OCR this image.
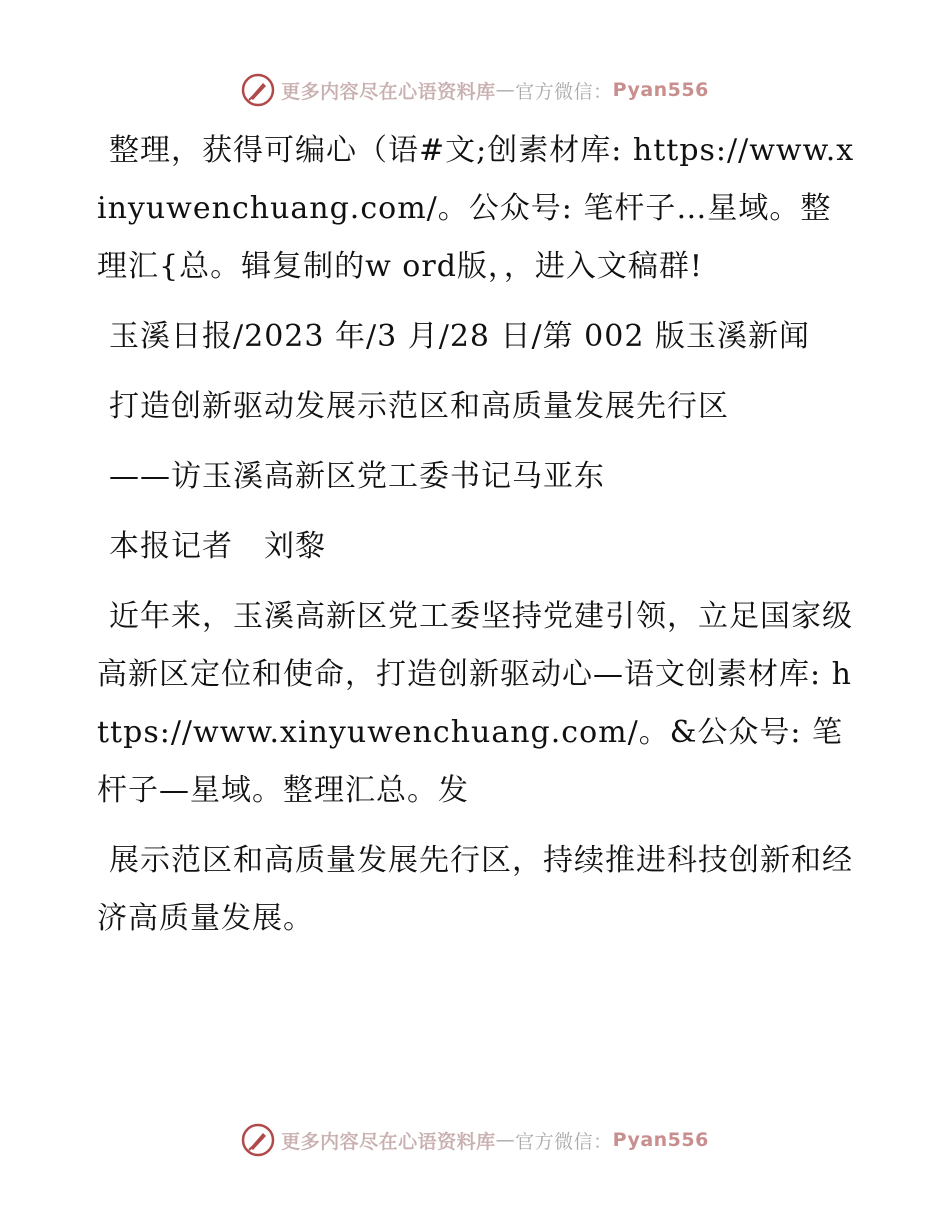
更多内容尽在心语资料库 — 官方微信： Pyan556

整理，获得可编心（语#文;创素材库: https://www.xinyuwenchuang.com/。公众号: 笔杆子…星域。整理汇{总。辑复制的w ord版，，进入文稿群!

玉溪日报/2023 年/3 月/28 日/第 002 版玉溪新闻

打造创新驱动发展示范区和高质量发展先行区

——访玉溪高新区党工委书记马亚东

本报记者　刘黎

近年来，玉溪高新区党工委坚持党建引领，立足国家级高新区定位和使命，打造创新驱动心—语文创素材库: https://www.xinyuwenchuang.com/。&公众号: 笔杆子—星域。整理汇总。发

展示范区和高质量发展先行区，持续推进科技创新和经济高质量发展。

更多内容尽在心语资料库 — 官方微信： Pyan556
